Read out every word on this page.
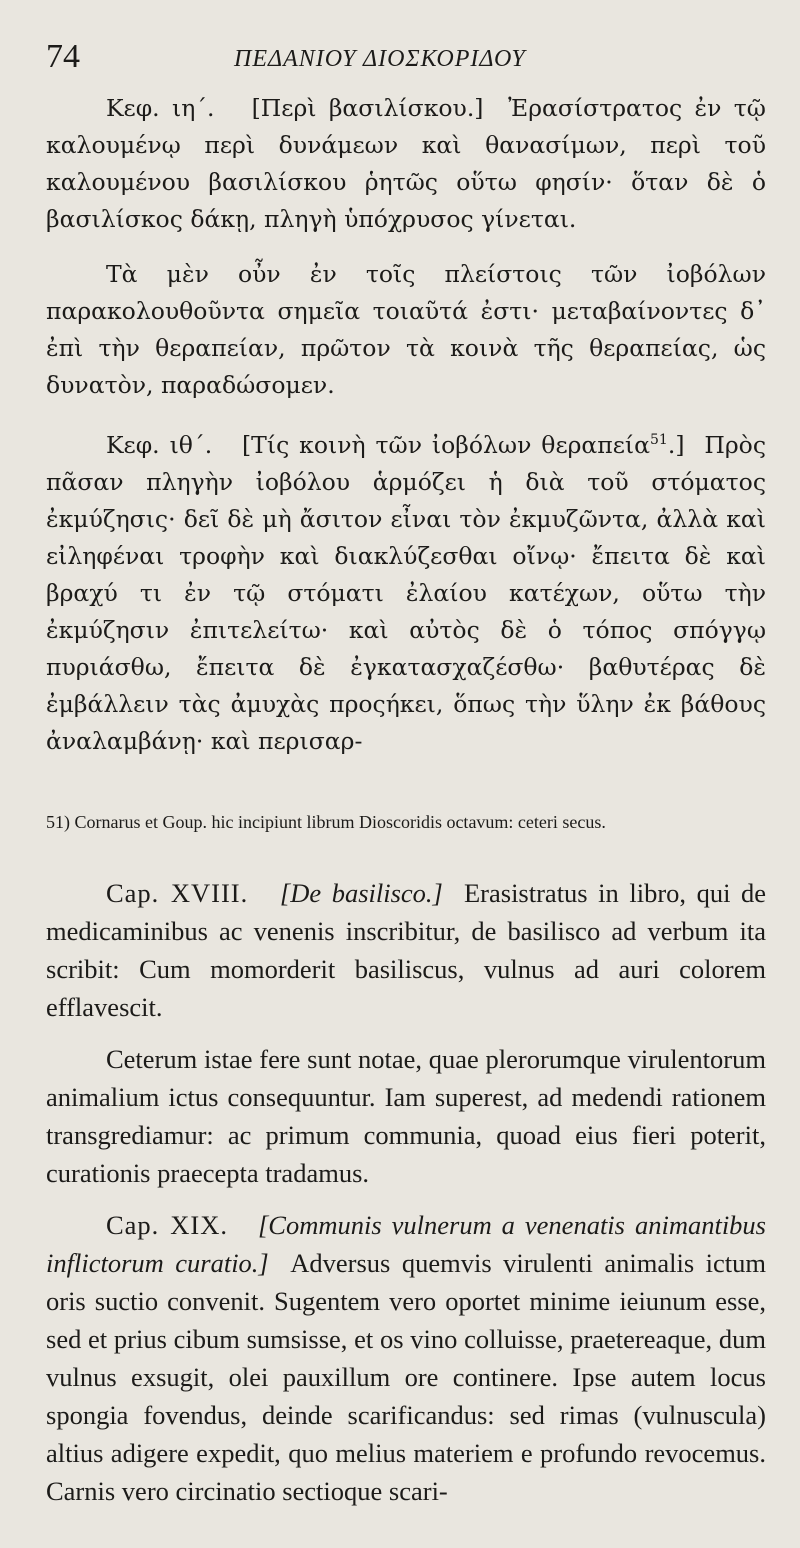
74	ΠΕΔΑΝΙΟΥ ΔΙΟΣΚΟΡΙΔΟΥ

Κεφ. ιη΄. [Περὶ βασιλίσκου.] Ἐρασίστρατος ἐν τῷ καλουμένῳ περὶ δυνάμεων καὶ θανασίμων, περὶ τοῦ καλουμένου βασιλίσκου ῥητῶς οὕτω φησίν· ὅταν δὲ ὁ βασιλίσκος δάκῃ, πληγὴ ὑπόχρυσος γίνεται.

Τὰ μὲν οὖν ἐν τοῖς πλείστοις τῶν ἰοβόλων παρακολουθοῦντα σημεῖα τοιαῦτά ἐστι· μεταβαίνοντες δ᾿ ἐπὶ τὴν θεραπείαν, πρῶτον τὰ κοινὰ τῆς θεραπείας, ὡς δυνατὸν, παραδώσομεν.

Κεφ. ιθ΄. [Τίς κοινὴ τῶν ἰοβόλων θεραπεία$^{51}$.] Πρὸς πᾶσαν πληγὴν ἰοβόλου ἁρμόζει ἡ διὰ τοῦ στόματος ἐκμύζησις· δεῖ δὲ μὴ ἄσιτον εἶναι τὸν ἐκμυζῶντα, ἀλλὰ καὶ εἰληφέναι τροφὴν καὶ διακλύζεσθαι οἴνῳ· ἔπειτα δὲ καὶ βραχύ τι ἐν τῷ στόματι ἐλαίου κατέχων, οὕτω τὴν ἐκμύζησιν ἐπιτελείτω· καὶ αὐτὸς δὲ ὁ τόπος σπόγγῳ πυριάσθω, ἔπειτα δὲ ἐγκατασχαζέσθω· βαθυτέρας δὲ ἐμβάλλειν τὰς ἀμυχὰς προςήκει, ὅπως τὴν ὕλην ἐκ βάθους ἀναλαμβάνῃ· καὶ περισαρ-

51) Cornarus et Goup. hic incipiunt librum Dioscoridis octavum: ceteri secus.

Cap. XVIII. [De basilisco.] Erasistratus in libro, qui de medicaminibus ac venenis inscribitur, de basilisco ad verbum ita scribit: Cum momorderit basiliscus, vulnus ad auri colorem efflavescit.

Ceterum istae fere sunt notae, quae plerorumque virulentorum animalium ictus consequuntur. Iam superest, ad medendi rationem transgrediamur: ac primum communia, quoad eius fieri poterit, curationis praecepta tradamus.

Cap. XIX. [Communis vulnerum a venenatis animantibus inflictorum curatio.] Adversus quemvis virulenti animalis ictum oris suctio convenit. Sugentem vero oportet minime ieiunum esse, sed et prius cibum sumsisse, et os vino colluisse, praetereaque, dum vulnus exsugit, olei pauxillum ore continere. Ipse autem locus spongia fovendus, deinde scarificandus: sed rimas (vulnuscula) altius adigere expedit, quo melius materiem e profundo revocemus. Carnis vero circinatio sectioque scari-
